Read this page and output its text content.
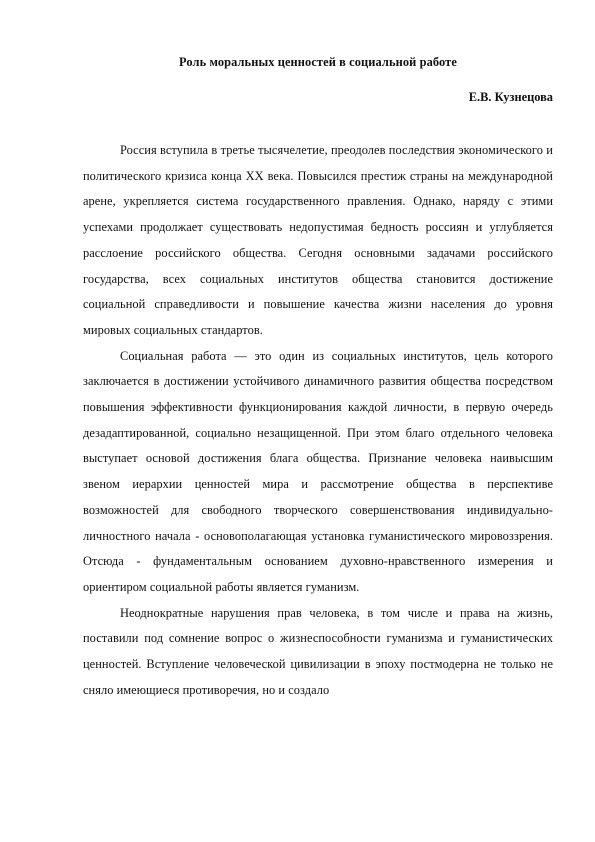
Роль моральных ценностей в социальной работе
Е.В. Кузнецова

Россия вступила в третье тысячелетие, преодолев последствия экономического и политического кризиса конца XX века. Повысился престиж страны на международной арене, укрепляется система государственного правления. Однако, наряду с этими успехами продолжает существовать недопустимая бедность россиян и углубляется расслоение российского общества. Сегодня основными задачами российского государства, всех социальных институтов общества становится достижение социальной справедливости и повышение качества жизни населения до уровня мировых социальных стандартов.

Социальная работа — это один из социальных институтов, цель которого заключается в достижении устойчивого динамичного развития общества посредством повышения эффективности функционирования каждой личности, в первую очередь дезадаптированной, социально незащищенной. При этом благо отдельного человека выступает основой достижения блага общества. Признание человека наивысшим звеном иерархии ценностей мира и рассмотрение общества в перспективе возможностей для свободного творческого совершенствования индивидуально-личностного начала - основополагающая установка гуманистического мировоззрения. Отсюда - фундаментальным основанием духовно-нравственного измерения и ориентиром социальной работы является гуманизм.

Неоднократные нарушения прав человека, в том числе и права на жизнь, поставили под сомнение вопрос о жизнеспособности гуманизма и гуманистических ценностей. Вступление человеческой цивилизации в эпоху постмодерна не только не сняло имеющиеся противоречия, но и создало
